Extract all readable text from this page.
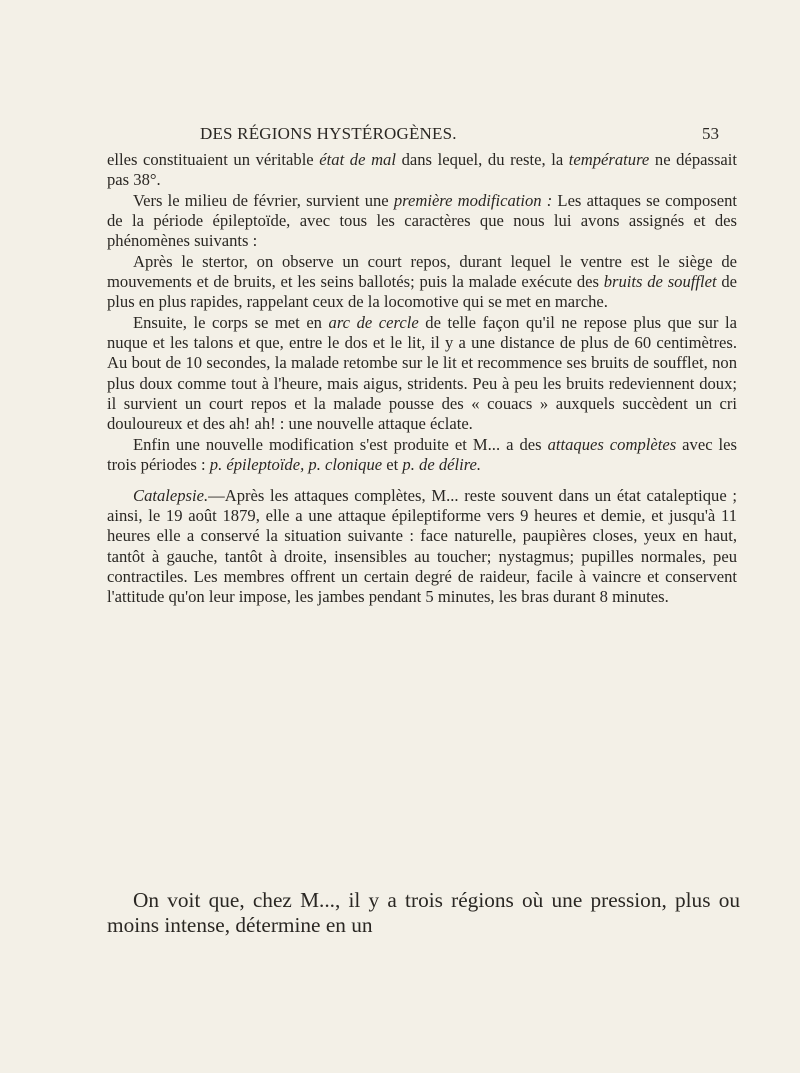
DES RÉGIONS HYSTÉROGÈNES.	53

elles constituaient un véritable état de mal dans lequel, du reste, la température ne dépassait pas 38°.

Vers le milieu de février, survient une première modification : Les attaques se composent de la période épileptoïde, avec tous les caractères que nous lui avons assignés et des phénomènes suivants :

Après le stertor, on observe un court repos, durant lequel le ventre est le siège de mouvements et de bruits, et les seins ballotés; puis la malade exécute des bruits de soufflet de plus en plus rapides, rappelant ceux de la locomotive qui se met en marche.

Ensuite, le corps se met en arc de cercle de telle façon qu'il ne repose plus que sur la nuque et les talons et que, entre le dos et le lit, il y a une distance de plus de 60 centimètres. Au bout de 10 secondes, la malade retombe sur le lit et recommence ses bruits de soufflet, non plus doux comme tout à l'heure, mais aigus, stridents. Peu à peu les bruits redeviennent doux; il survient un court repos et la malade pousse des « couacs » auxquels succèdent un cri douloureux et des ah! ah! : une nouvelle attaque éclate.

Enfin une nouvelle modification s'est produite et M... a des attaques complètes avec les trois périodes : p. épileptoïde, p. clonique et p. de délire.

Catalepsie.—Après les attaques complètes, M... reste souvent dans un état cataleptique ; ainsi, le 19 août 1879, elle a une attaque épileptiforme vers 9 heures et demie, et jusqu'à 11 heures elle a conservé la situation suivante : face naturelle, paupières closes, yeux en haut, tantôt à gauche, tantôt à droite, insensibles au toucher; nystagmus; pupilles normales, peu contractiles. Les membres offrent un certain degré de raideur, facile à vaincre et conservent l'attitude qu'on leur impose, les jambes pendant 5 minutes, les bras durant 8 minutes.

On voit que, chez M..., il y a trois régions où une pression, plus ou moins intense, détermine en un
